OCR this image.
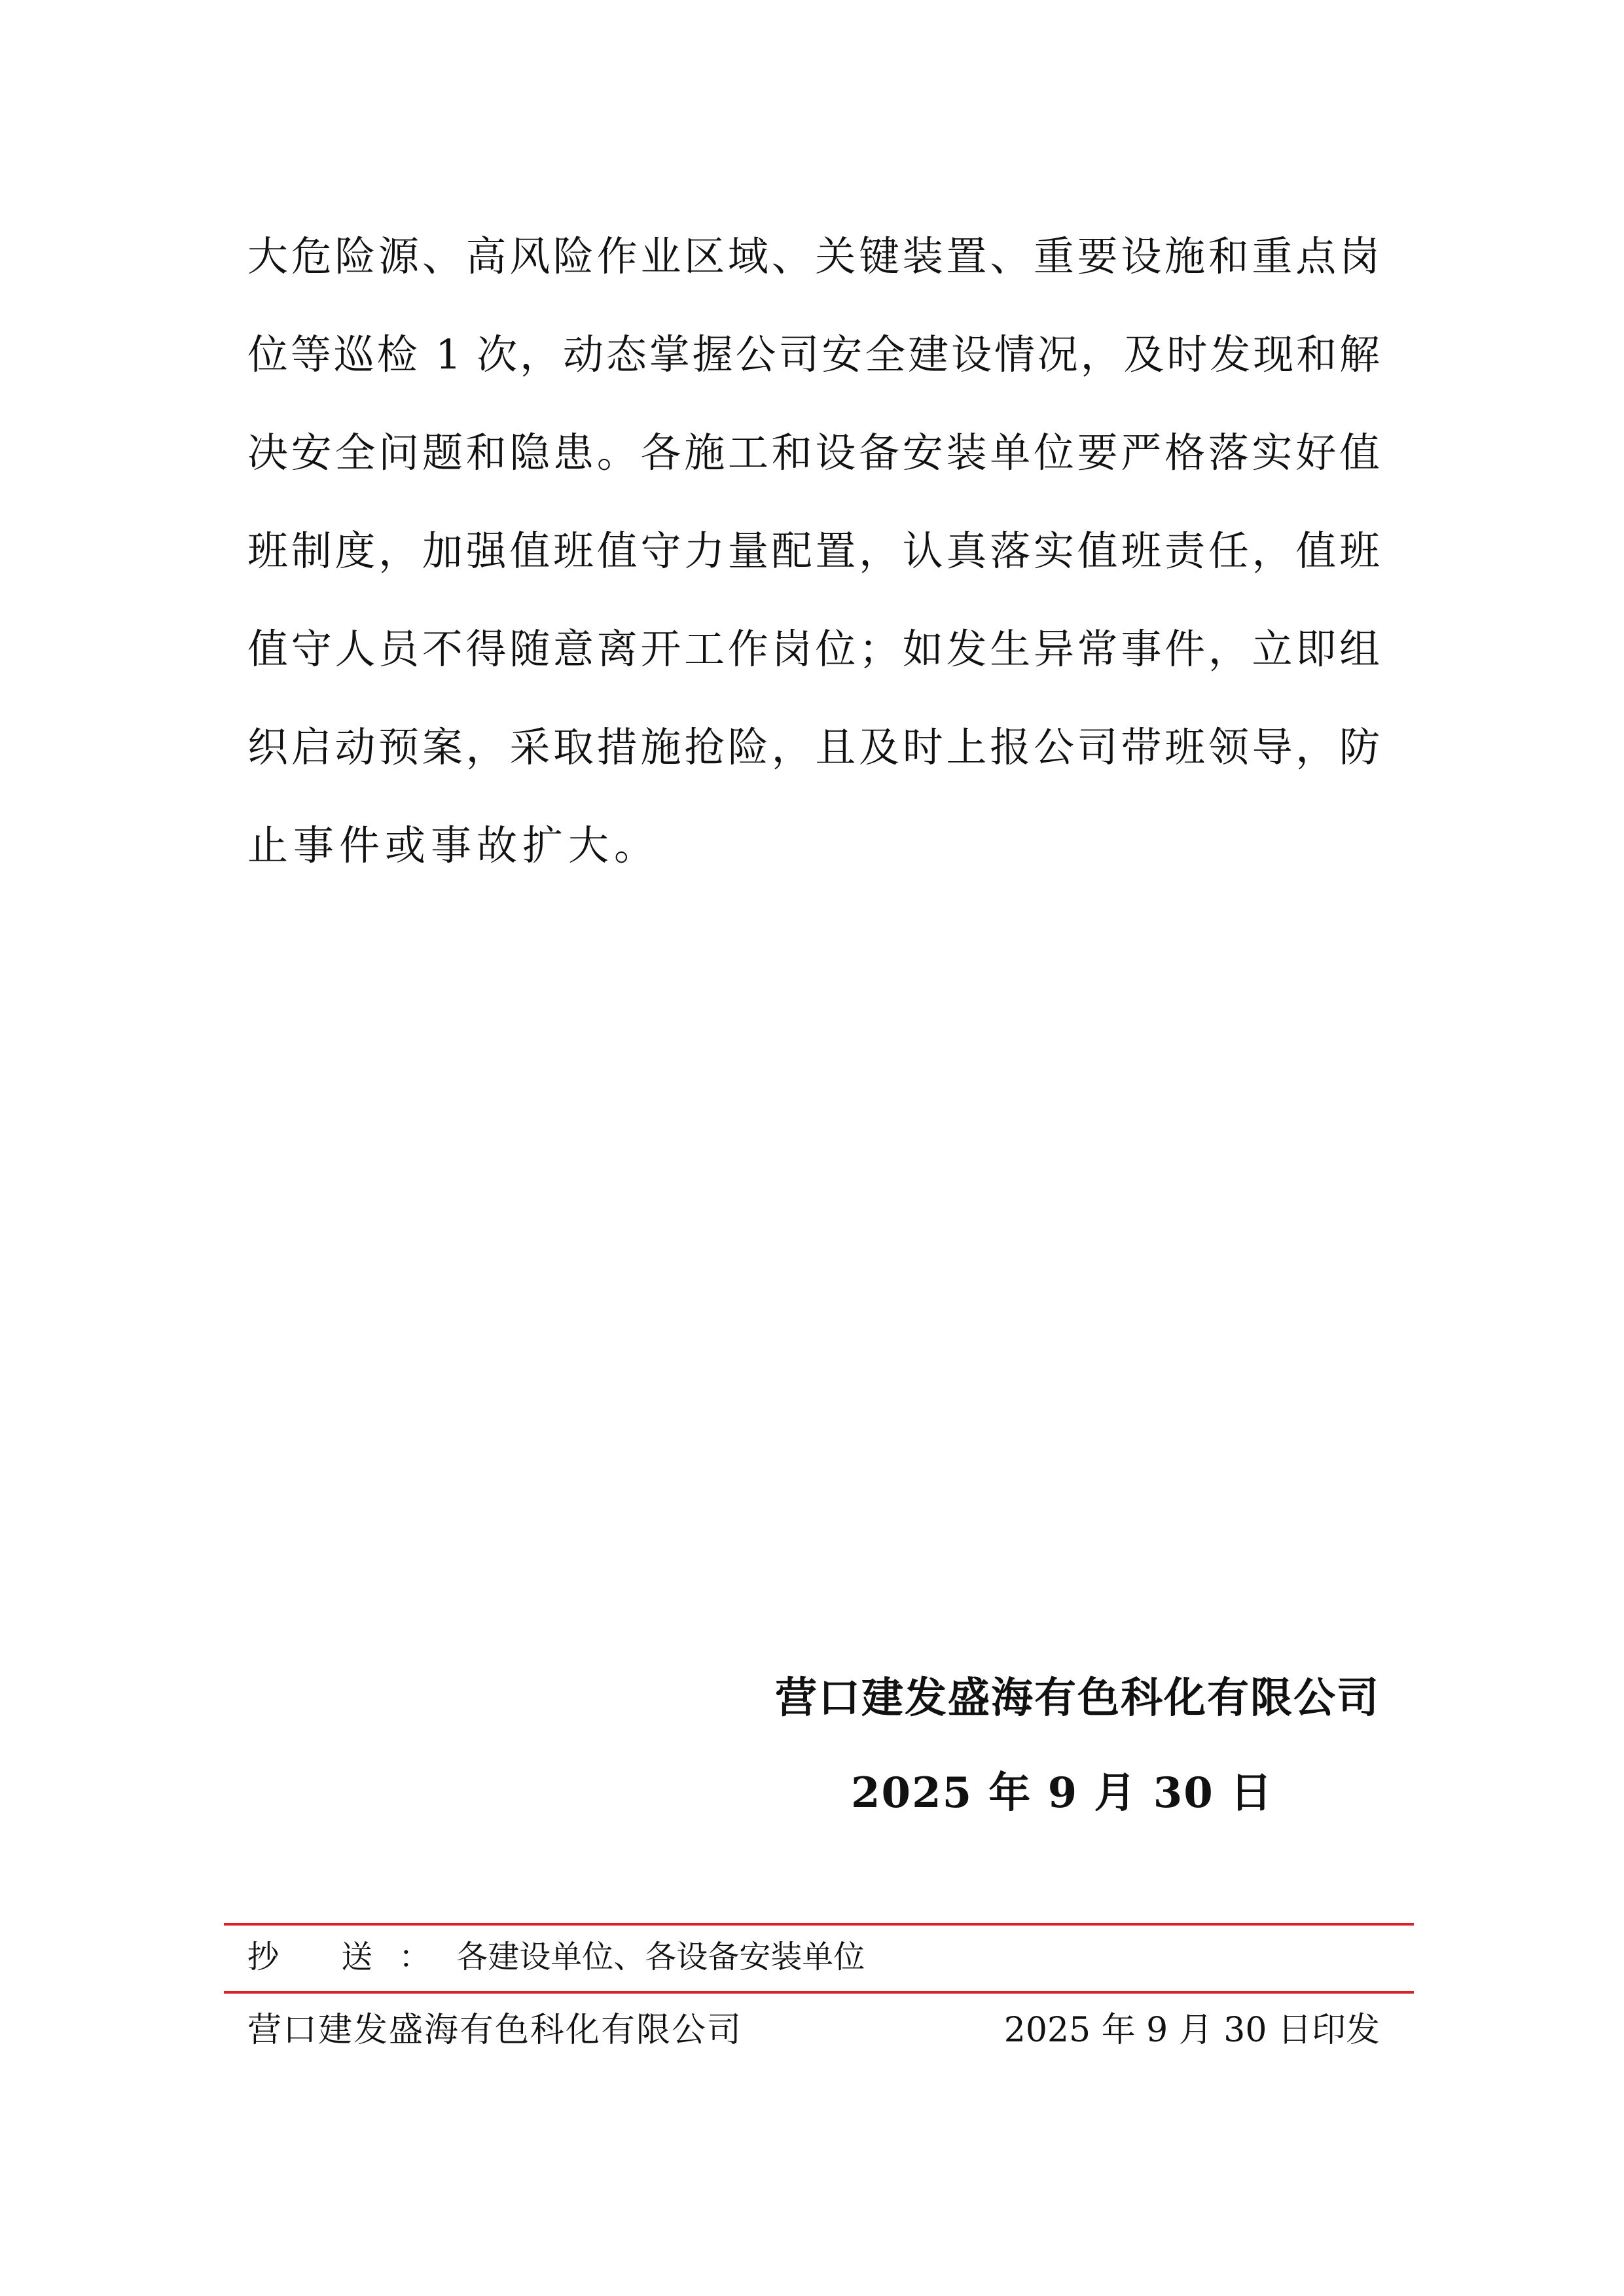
大危险源、高风险作业区域、关键装置、重要设施和重点岗
位等巡检 1 次，动态掌握公司安全建设情况，及时发现和解
决安全问题和隐患。各施工和设备安装单位要严格落实好值
班制度，加强值班值守力量配置，认真落实值班责任，值班
值守人员不得随意离开工作岗位；如发生异常事件，立即组
织启动预案，采取措施抢险，且及时上报公司带班领导，防
止事件或事故扩大。
营口建发盛海有色科化有限公司
2025 年 9 月 30 日
抄 送：各建设单位、各设备安装单位
营口建发盛海有色科化有限公司	2025 年 9 月 30 日印发
